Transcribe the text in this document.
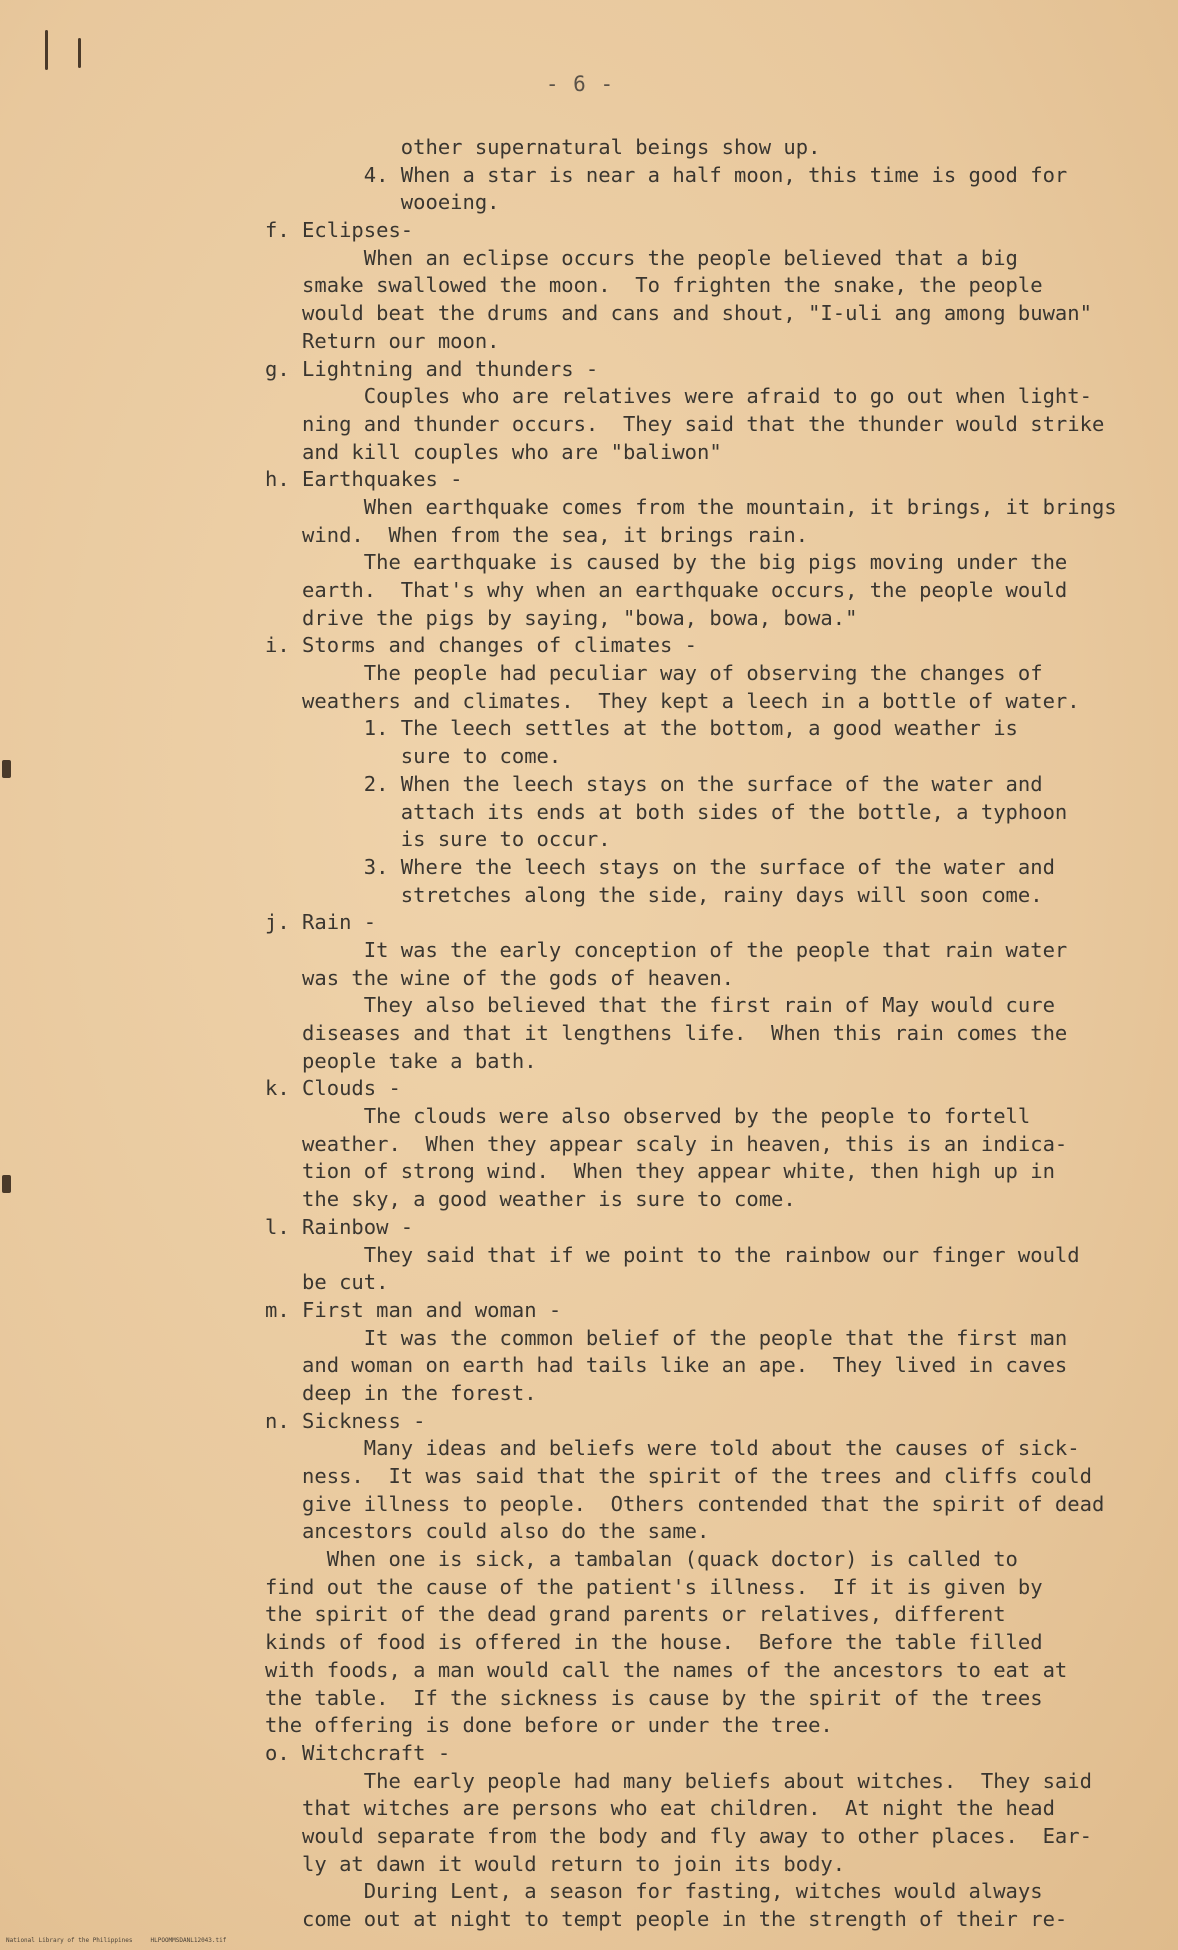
- 6 -
other supernatural beings show up.
4. When a star is near a half moon, this time is good for
wooeing.
f. Eclipses-
When an eclipse occurs the people believed that a big
smake swallowed the moon.  To frighten the snake, the people
would beat the drums and cans and shout, "I-uli ang among buwan"
Return our moon.
g. Lightning and thunders -
Couples who are relatives were afraid to go out when light-
ning and thunder occurs.  They said that the thunder would strike
and kill couples who are "baliwon"
h. Earthquakes -
When earthquake comes from the mountain, it brings, it brings
wind.  When from the sea, it brings rain.
The earthquake is caused by the big pigs moving under the
earth.  That's why when an earthquake occurs, the people would
drive the pigs by saying, "bowa, bowa, bowa."
i. Storms and changes of climates -
The people had peculiar way of observing the changes of
weathers and climates.  They kept a leech in a bottle of water.
1. The leech settles at the bottom, a good weather is
sure to come.
2. When the leech stays on the surface of the water and
attach its ends at both sides of the bottle, a typhoon
is sure to occur.
3. Where the leech stays on the surface of the water and
stretches along the side, rainy days will soon come.
j. Rain -
It was the early conception of the people that rain water
was the wine of the gods of heaven.
They also believed that the first rain of May would cure
diseases and that it lengthens life.  When this rain comes the
people take a bath.
k. Clouds -
The clouds were also observed by the people to fortell
weather.  When they appear scaly in heaven, this is an indica-
tion of strong wind.  When they appear white, then high up in
the sky, a good weather is sure to come.
l. Rainbow -
They said that if we point to the rainbow our finger would
be cut.
m. First man and woman -
It was the common belief of the people that the first man
and woman on earth had tails like an ape.  They lived in caves
deep in the forest.
n. Sickness -
Many ideas and beliefs were told about the causes of sick-
ness.  It was said that the spirit of the trees and cliffs could
give illness to people.  Others contended that the spirit of dead
ancestors could also do the same.
When one is sick, a tambalan (quack doctor) is called to
find out the cause of the patient's illness.  If it is given by
the spirit of the dead grand parents or relatives, different
kinds of food is offered in the house.  Before the table filled
with foods, a man would call the names of the ancestors to eat at
the table.  If the sickness is cause by the spirit of the trees
the offering is done before or under the tree.
o. Witchcraft -
The early people had many beliefs about witches.  They said
that witches are persons who eat children.  At night the head
would separate from the body and fly away to other places.  Ear-
ly at dawn it would return to join its body.
During Lent, a season for fasting, witches would always
come out at night to tempt people in the strength of their re-
National Library of the Philippines     HLPOOMMSDANL12043.tif
